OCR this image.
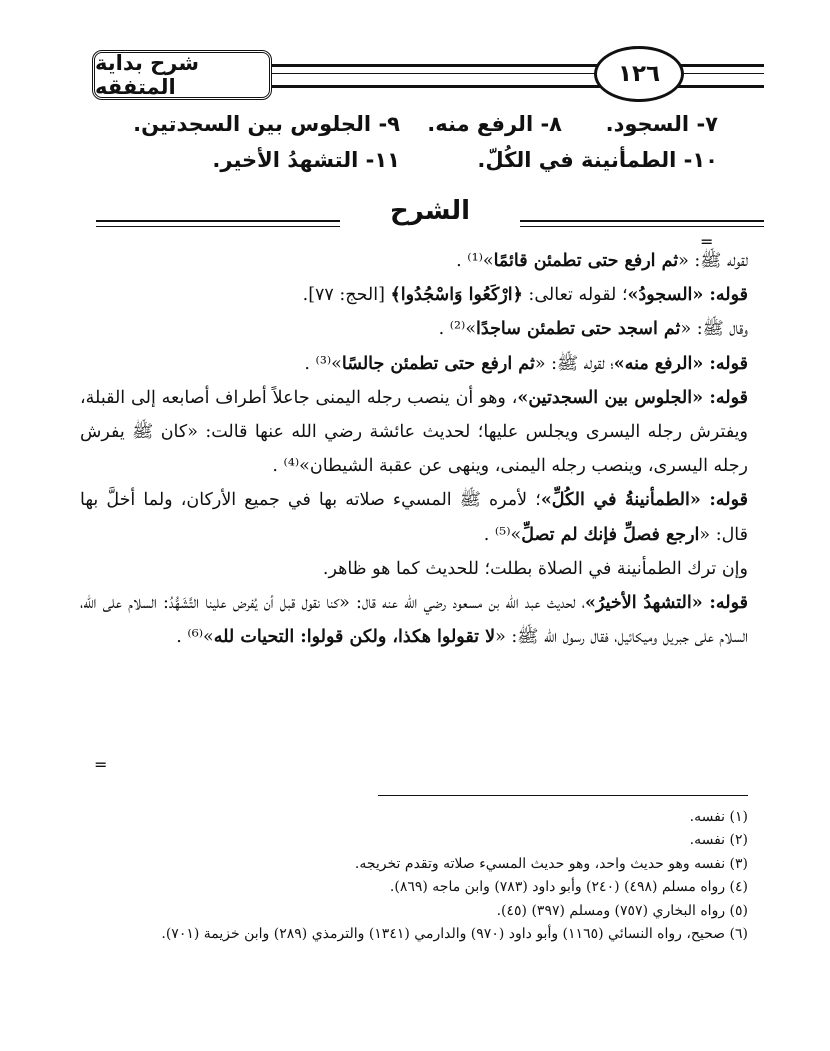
شرح بداية المتفقه	١٢٦
٧- السجود.
٨- الرفع منه.
٩- الجلوس بين السجدتين.
١٠- الطمأنينة في الكُلّ.
١١- التشهدُ الأخير.
الشرح
=

لقوله ﷺ: «ثم ارفع حتى تطمئن قائمًا»⁽¹⁾ .

قوله: «السجودُ»؛ لقوله تعالى: ﴿ارْكَعُوا وَاسْجُدُوا﴾ [الحج: ٧٧].

وقال ﷺ: «ثم اسجد حتى تطمئن ساجدًا»⁽²⁾ .

قوله: «الرفع منه»؛ لقوله ﷺ: «ثم ارفع حتى تطمئن جالسًا»⁽³⁾ .

قوله: «الجلوس بين السجدتين»، وهو أن ينصب رجله اليمنى جاعلاً أطراف أصابعه إلى القبلة، ويفترش رجله اليسرى ويجلس عليها؛ لحديث عائشة رضي الله عنها قالت: «كان ﷺ يفرش رجله اليسرى، وينصب رجله اليمنى، وينهى عن عقبة الشيطان»⁽⁴⁾ .

قوله: «الطمأنينةُ في الكُلِّ»؛ لأمره ﷺ المسيء صلاته بها في جميع الأركان، ولما أخلَّ بها قال: «ارجع فصلِّ فإنك لم تصلِّ»⁽⁵⁾ .

وإن ترك الطمأنينة في الصلاة بطلت؛ للحديث كما هو ظاهر.

قوله: «التشهدُ الأخيرُ»، لحديث عبد الله بن مسعود رضي الله عنه قال: «كنا نقول قبل أن يُفرض علينا التَّشَهُّدُ: السلام على الله، السلام على جبريل وميكائيل، فقال رسول الله ﷺ: «لا تقولوا هكذا، ولكن قولوا: التحيات لله»⁽⁶⁾ .

=
(١) نفسه.
(٢) نفسه.
(٣) نفسه وهو حديث واحد، وهو حديث المسيء صلاته وتقدم تخريجه.
(٤) رواه مسلم (٤٩٨) (٢٤٠) وأبو داود (٧٨٣) وابن ماجه (٨٦٩).
(٥) رواه البخاري (٧٥٧) ومسلم (٣٩٧) (٤٥).
(٦) صحيح، رواه النسائي (١١٦٥) وأبو داود (٩٧٠) والدارمي (١٣٤١) والترمذي (٢٨٩) وابن خزيمة (٧٠١).
